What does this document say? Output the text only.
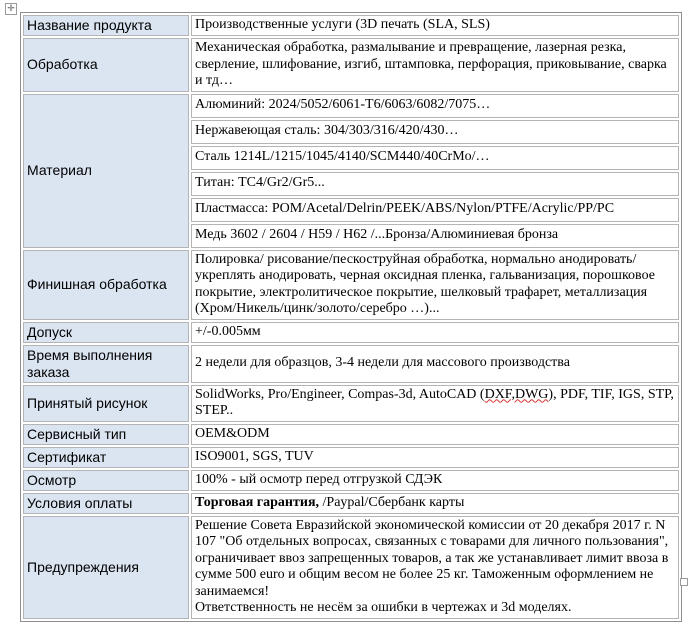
✛
Название продукта	Производственные услуги (3D печать (SLA, SLS)
Обработка	Механическая обработка, размалывание и превращение, лазерная резка, сверление, шлифование, изгиб, штамповка, перфорация, приковывание, сварка и тд…
Материал	Алюминий: 2024/5052/6061-T6/6063/6082/7075…
	Нержавеющая сталь: 304/303/316/420/430…
	Сталь 1214L/1215/1045/4140/SCM440/40CrMo/…
	Титан: TC4/Gr2/Gr5...
	Пластмасса: POM/Acetal/Delrin/PEEK/ABS/Nylon/PTFE/Acrylic/PP/PC
	Медь 3602 / 2604 / H59 / H62 /...Бронза/Алюминиевая бронза
Финишная обработка	Полировка/ рисование/пескоструйная обработка, нормально анодировать/укреплять анодировать, черная оксидная пленка, гальванизация, порошковое покрытие, электролитическое покрытие, шелковый трафарет, металлизация (Хром/Никель/цинк/золото/серебро …)...
Допуск	+/-0.005мм
Время выполнения заказа	2 недели для образцов, 3-4 недели для массового производства
Принятый рисунок	SolidWorks, Pro/Engineer, Compas-3d, AutoCAD (DXF,DWG), PDF, TIF, IGS, STP, STEP..
Сервисный тип	OEM&ODM
Сертификат	ISO9001, SGS, TUV
Осмотр	100% - ый осмотр перед отгрузкой СДЭК
Условия оплаты	Торговая гарантия, /Paypal/Сбербанк карты
Предупреждения	Решение Совета Евразийской экономической комиссии от 20 декабря 2017 г. N 107 "Об отдельных вопросах, связанных с товарами для личного пользования", ограничивает ввоз запрещенных товаров, а так же устанавливает лимит ввоза в сумме 500 euro и общим весом не более 25 кг. Таможенным оформлением не занимаемся!
Ответственность не несём за ошибки в чертежах и 3d моделях.
